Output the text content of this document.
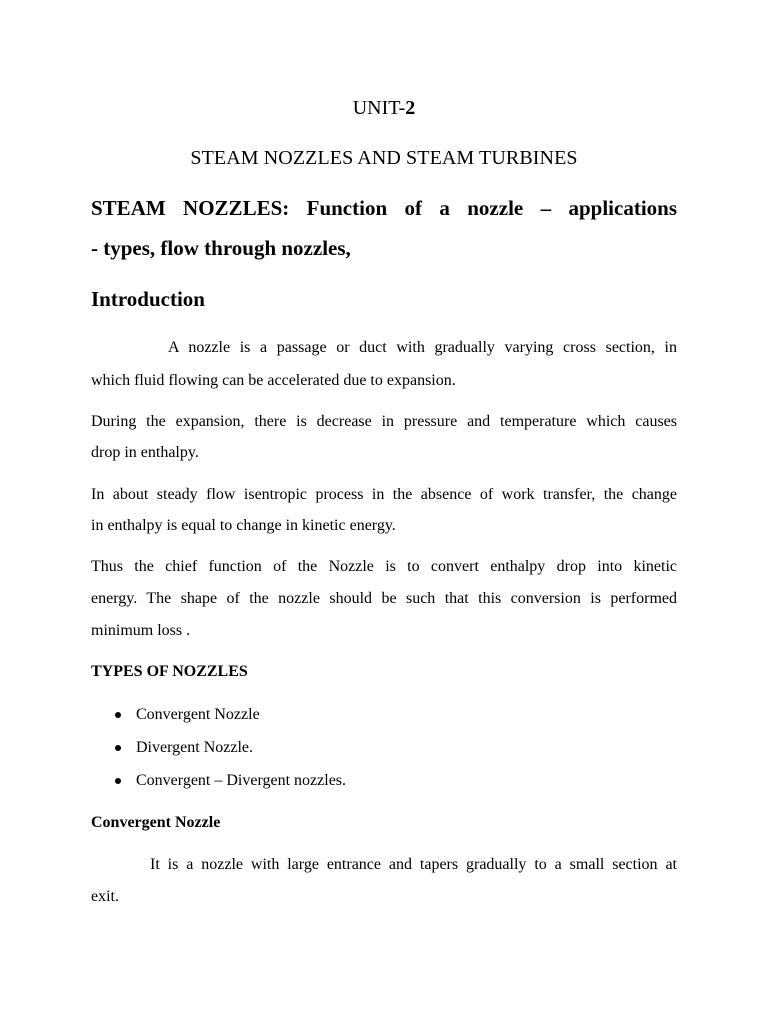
UNIT-2

STEAM NOZZLES AND STEAM TURBINES

STEAM NOZZLES: Function of a nozzle – applications

- types, flow through nozzles,

Introduction

A nozzle is a passage or duct with gradually varying cross section, in

which fluid flowing can be accelerated due to expansion.

During the expansion, there is decrease in pressure and temperature which causes

drop in enthalpy.

In about steady flow isentropic process in the absence of work transfer, the change

in enthalpy is equal to change in kinetic energy.

Thus the chief function of the Nozzle is to convert enthalpy drop into kinetic

energy. The shape of the nozzle should be such that this conversion is performed

minimum loss .

TYPES OF NOZZLES

Convergent Nozzle
Divergent Nozzle.
Convergent – Divergent nozzles.

Convergent Nozzle

It is a nozzle with large entrance and tapers gradually to a small section at

exit.
